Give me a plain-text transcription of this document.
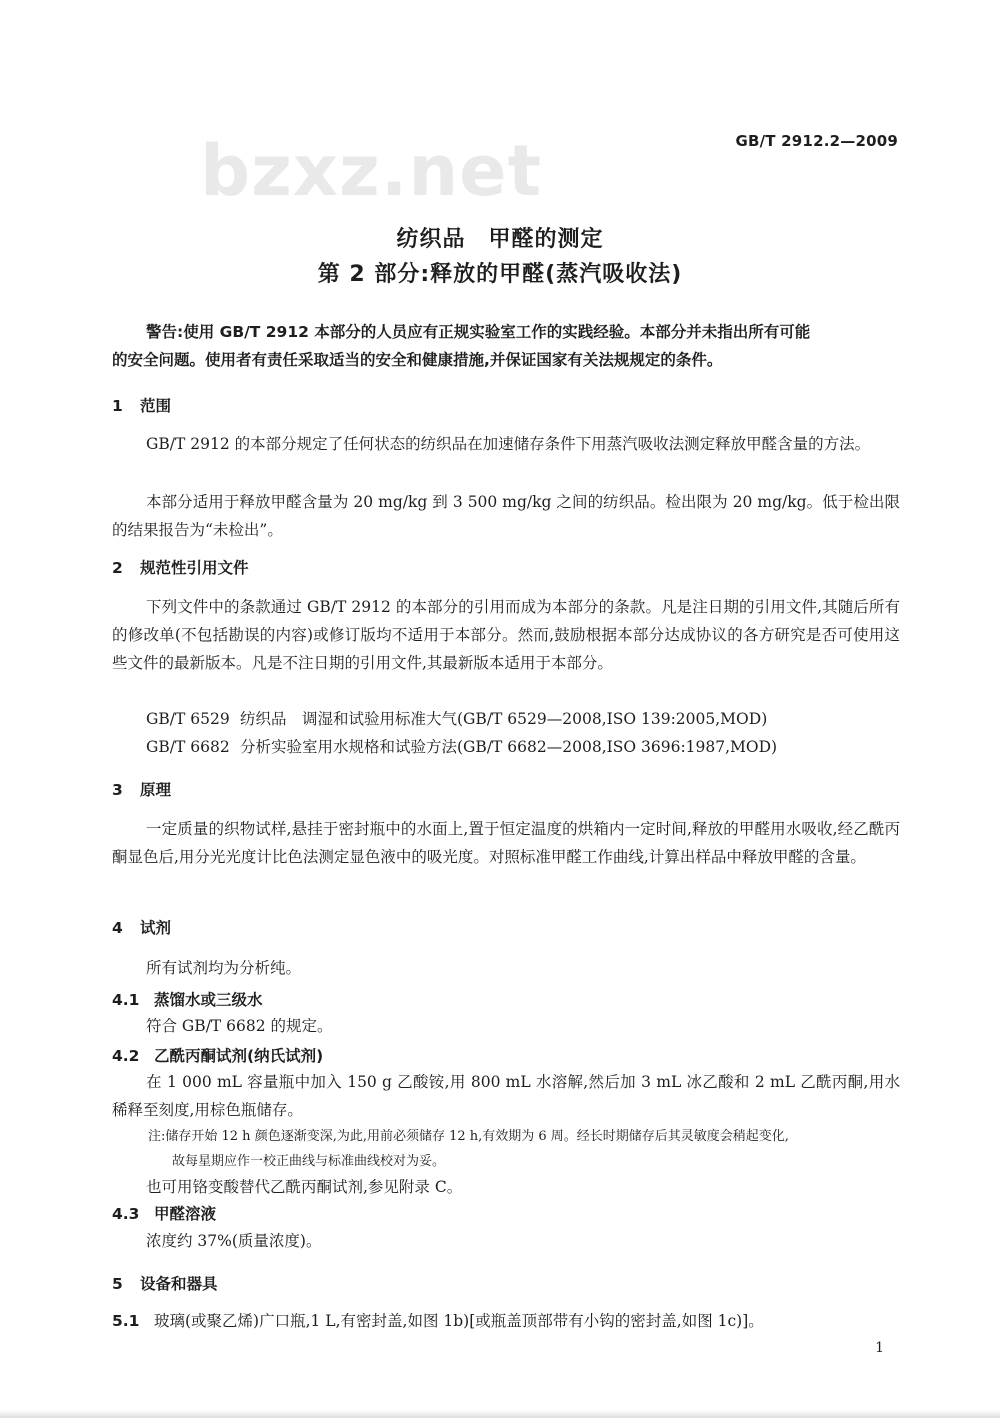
bzxz.net	GB/T 2912.2—2009
纺织品　甲醛的测定
第 2 部分:释放的甲醛(蒸汽吸收法)
警告:使用 GB/T 2912 本部分的人员应有正规实验室工作的实践经验。本部分并未指出所有可能
的安全问题。使用者有责任采取适当的安全和健康措施,并保证国家有关法规规定的条件。
1 范围
GB/T 2912 的本部分规定了任何状态的纺织品在加速储存条件下用蒸汽吸收法测定释放甲醛含量的方法。
本部分适用于释放甲醛含量为 20 mg/kg 到 3 500 mg/kg 之间的纺织品。检出限为 20 mg/kg。低于检出限的结果报告为“未检出”。
2 规范性引用文件
下列文件中的条款通过 GB/T 2912 的本部分的引用而成为本部分的条款。凡是注日期的引用文件,其随后所有的修改单(不包括勘误的内容)或修订版均不适用于本部分。然而,鼓励根据本部分达成协议的各方研究是否可使用这些文件的最新版本。凡是不注日期的引用文件,其最新版本适用于本部分。
GB/T 6529 纺织品　调湿和试验用标准大气(GB/T 6529—2008,ISO 139:2005,MOD)
GB/T 6682 分析实验室用水规格和试验方法(GB/T 6682—2008,ISO 3696:1987,MOD)
3 原理
一定质量的织物试样,悬挂于密封瓶中的水面上,置于恒定温度的烘箱内一定时间,释放的甲醛用水吸收,经乙酰丙酮显色后,用分光光度计比色法测定显色液中的吸光度。对照标准甲醛工作曲线,计算出样品中释放甲醛的含量。
4 试剂
所有试剂均为分析纯。
4.1 蒸馏水或三级水
符合 GB/T 6682 的规定。
4.2 乙酰丙酮试剂(纳氏试剂)
在 1 000 mL 容量瓶中加入 150 g 乙酸铵,用 800 mL 水溶解,然后加 3 mL 冰乙酸和 2 mL 乙酰丙酮,用水稀释至刻度,用棕色瓶储存。
注:储存开始 12 h 颜色逐渐变深,为此,用前必须储存 12 h,有效期为 6 周。经长时期储存后其灵敏度会稍起变化,
故每星期应作一校正曲线与标准曲线校对为妥。
也可用铬变酸替代乙酰丙酮试剂,参见附录 C。
4.3 甲醛溶液
浓度约 37%(质量浓度)。
5 设备和器具
5.1 玻璃(或聚乙烯)广口瓶,1 L,有密封盖,如图 1b)[或瓶盖顶部带有小钩的密封盖,如图 1c)]。
1
